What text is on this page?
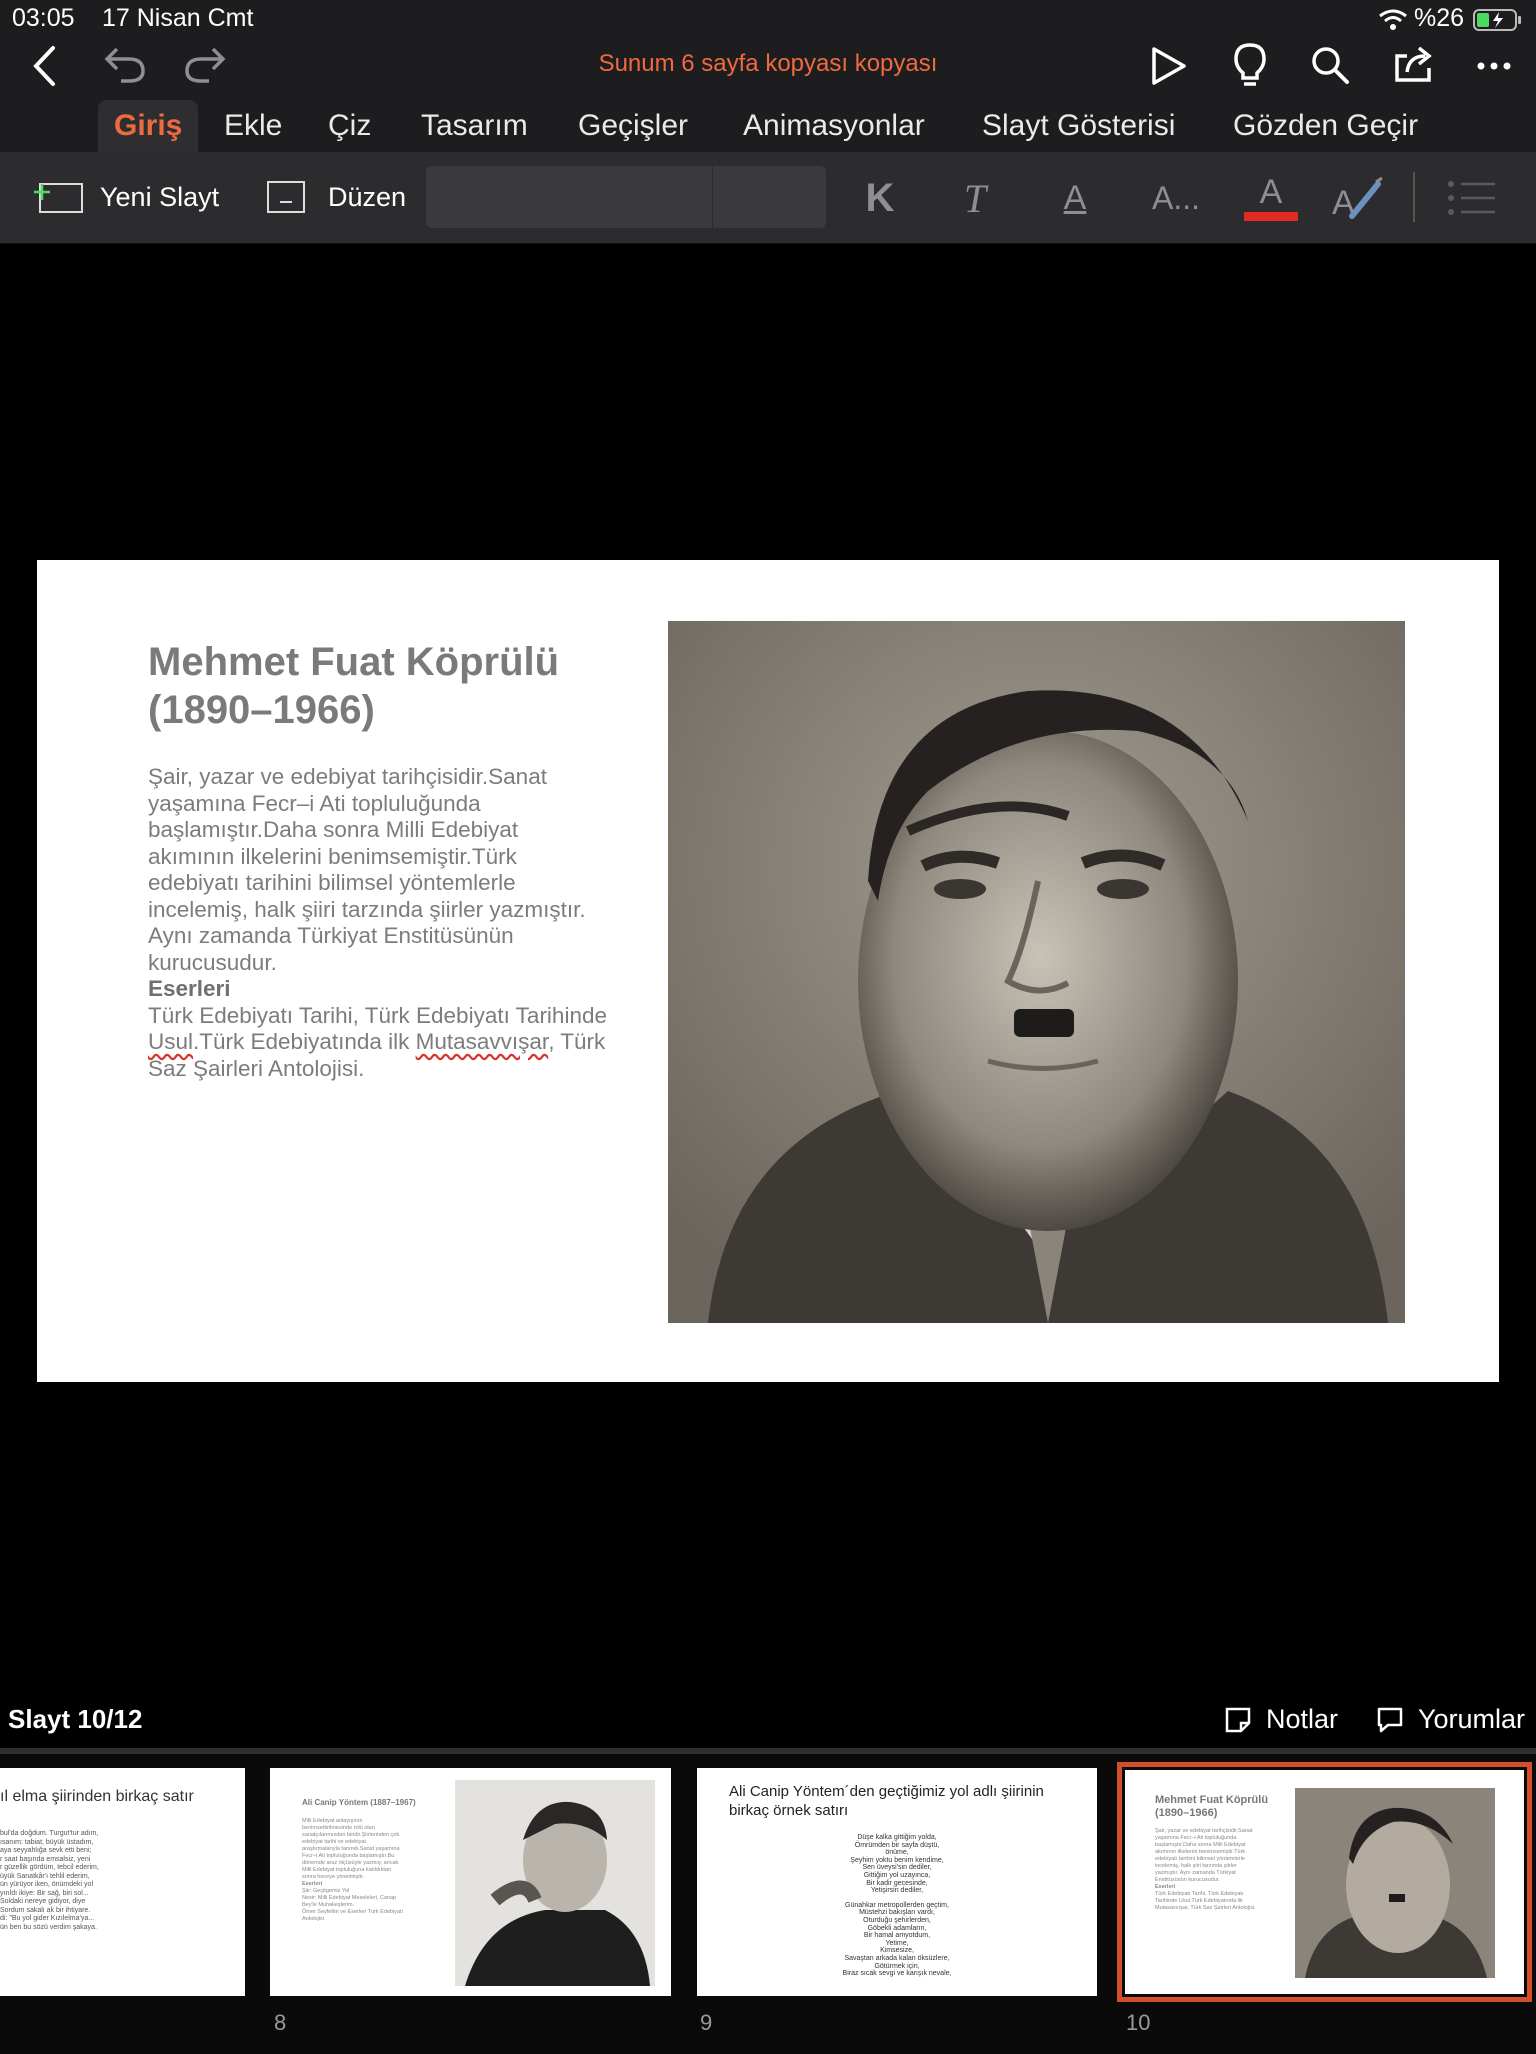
03:05 17 Nisan Cmt	%26
Sunum 6 sayfa kopyası kopyası
Giriş	Ekle Çiz Tasarım Geçişler Animasyonlar Slayt Gösterisi Gözden Geçir
Yeni Slayt	Düzen	K T A A... A A
Mehmet Fuat Köprülü
(1890–1966)
Şair, yazar ve edebiyat tarihçisidir.Sanat yaşamına Fecr–i Ati topluluğunda başlamıştır.Daha sonra Milli Edebiyat akımının ilkelerini benimsemiştir.Türk edebiyatı tarihini bilimsel yöntemlerle incelemiş, halk şiiri tarzında şiirler yazmıştır. Aynı zamanda Türkiyat Enstitüsünün kurucusudur.
Eserleri
Türk Edebiyatı Tarihi, Türk Edebiyatı Tarihinde Usul.Türk Edebiyatında ilk Mutasavvışar, Türk Saz Şairleri Antolojisi.
Slayt 10/12	Notlar	Yorumlar
ıl elma şiirinden birkaç satır
bul'da doğdum. Turgut'tur adım,
ısanım: tabiat, büyük üstadım,
aya seyyahlığa sevk etti beni;
r saat başında emsalsiz, yeni
r güzellik gördüm, tebcil ederim,
üyük Sanatkâr'ı tehlil ederim,
ün yürüyor iken, önümdeki yol
yırıldı ikiye: Bir sağ, biri sol...
Soldaki nereye gidiyor, diye
Sordum sakalı ak bir ihtiyare.
di: "Bu yol gider Kızılelma'ya...
ün ben bu sözü verdim şakaya.
Ali Canip Yöntem (1887–1967)
Milli Edebiyat anlayışının
benimsettirilmesinde rolü olan
sanatçılarımızdan biridir.Şiirlerinden çok
edebiyat tarihi ve edebiyat
araştırmalarıyla tanındı.Sanat yaşamına
Fecr–i Ati topluluğunda başlamıştır.Bu
dönemde aruz ölçüsüyle yazmış; ancak
Milli Edebiyat topluluğuna katıldıktan
sonra heceye yönelmiştir.
Eserleri
Şiir: Geçitgemiz Yol
Nesir: Milli Edebiyat Meseleleri, Canap
Bey'le Muhakeşlerim.
Ömer Seyfettin ve Eserleri Türk Edebiyatı
Antolojisi
Ali Canip Yöntem´den geçtiğimiz yol adlı şiirinin birkaç örnek satırı
Düşe kalka gittiğim yolda,
Ömrümden bir sayfa düştü,
önüme,
Şeyhim yoktu benim kendime,
Sen üveysi'sin dediler,
Gittiğim yol uzayınca,
Bir kadir gecesinde,
Yetişirsin dediler,
Günahkar metropollerden geçtim,
Müstehzi bakışları vardı,
Oturduğu şehirlerden,
Göbekli adamların,
Bir hamal amyotdum,
Yetime,
Kimsesize,
Savaştan arkada kalan öksüzlere,
Götürmek için,
Biraz sıcak sevgi ve karışık nevale,
Mehmet Fuat Köprülü (1890–1966)
Şair, yazar ve edebiyat tarihçisidir.Sanat
yaşamına Fecr–i Ati topluluğunda
başlamıştır.Daha sonra Milli Edebiyat
akımının ilkelerini benimsemiştir.Türk
edebiyatı tarihini bilimsel yöntemlerle
incelemiş, halk şiiri tarzında şiirler
yazmıştır. Aynı zamanda Türkiyat
Enstitüsünün kurucusudur.
Eserleri
Türk Edebiyatı Tarihi, Türk Edebiyatı
Tarihinde Usul.Türk Edebiyatında ilk
Mutasavvışar, Türk Saz Şairleri Antolojisi.
8	9	10
